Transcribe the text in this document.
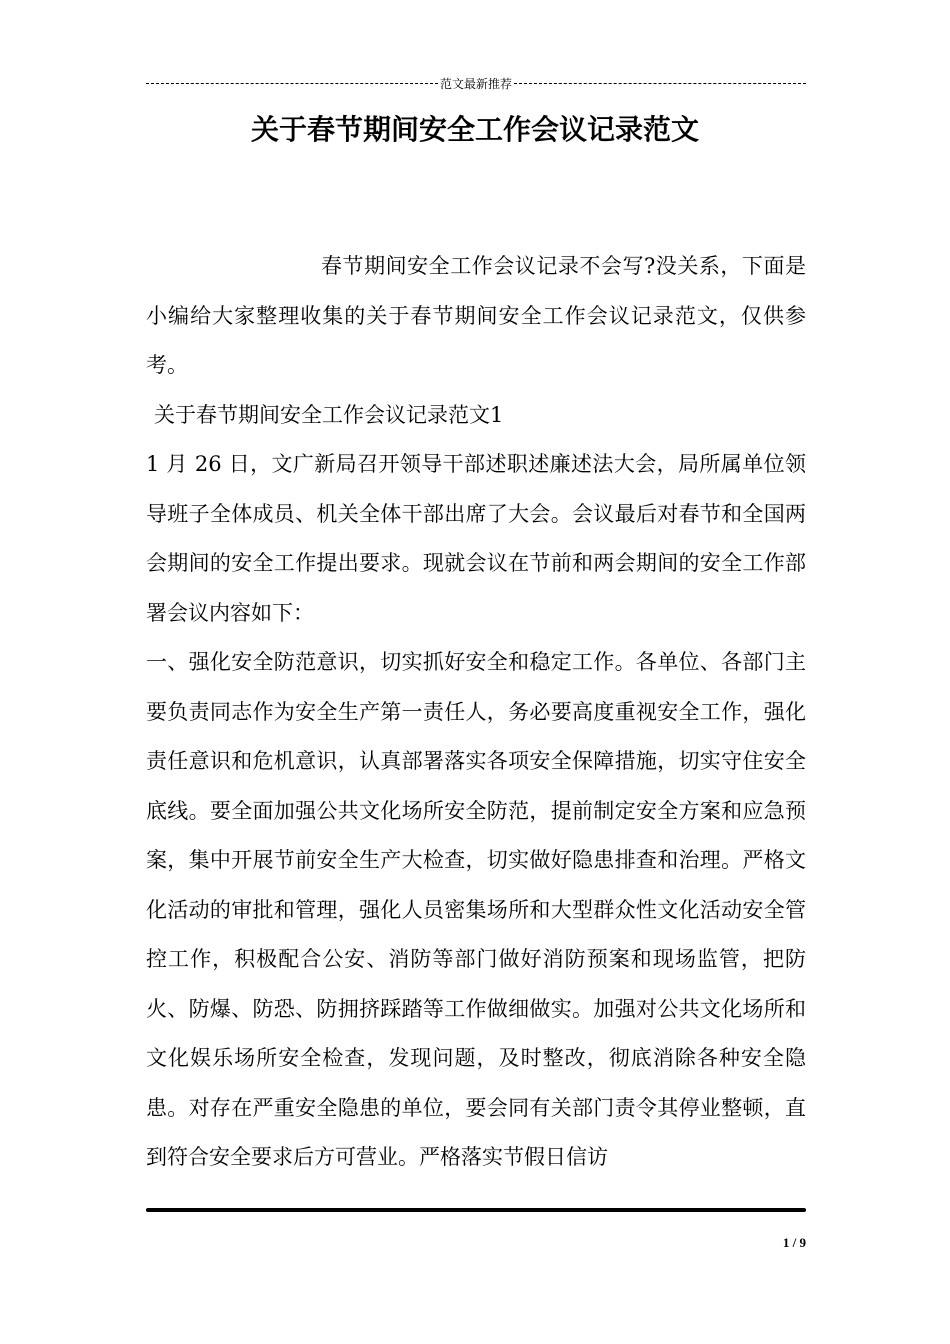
范文最新推荐
关于春节期间安全工作会议记录范文

春节期间安全工作会议记录不会写?没关系，下面是小编给大家整理收集的关于春节期间安全工作会议记录范文，仅供参考。

关于春节期间安全工作会议记录范文1

1 月 26 日，文广新局召开领导干部述职述廉述法大会，局所属单位领导班子全体成员、机关全体干部出席了大会。会议最后对春节和全国两会期间的安全工作提出要求。现就会议在节前和两会期间的安全工作部署会议内容如下：

一、强化安全防范意识，切实抓好安全和稳定工作。各单位、各部门主要负责同志作为安全生产第一责任人，务必要高度重视安全工作，强化责任意识和危机意识，认真部署落实各项安全保障措施，切实守住安全底线。要全面加强公共文化场所安全防范，提前制定安全方案和应急预案，集中开展节前安全生产大检查，切实做好隐患排查和治理。严格文化活动的审批和管理，强化人员密集场所和大型群众性文化活动安全管控工作，积极配合公安、消防等部门做好消防预案和现场监管，把防火、防爆、防恐、防拥挤踩踏等工作做细做实。加强对公共文化场所和文化娱乐场所安全检查，发现问题，及时整改，彻底消除各种安全隐患。对存在严重安全隐患的单位，要会同有关部门责令其停业整顿，直到符合安全要求后方可营业。严格落实节假日信访

1 / 9
